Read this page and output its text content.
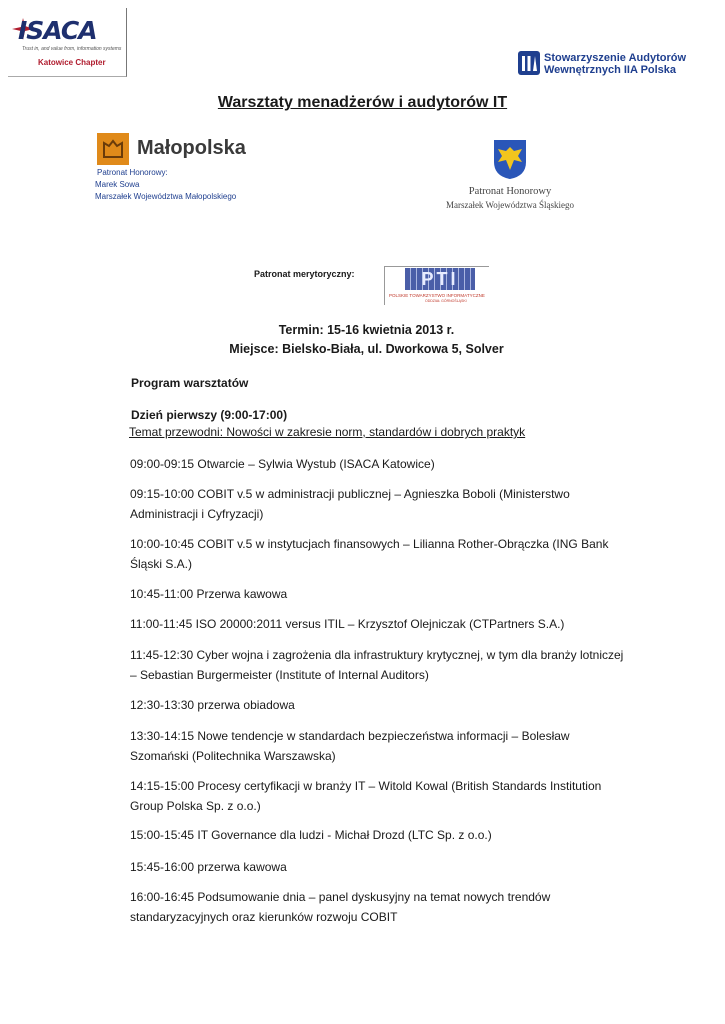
ISACA
Trust in, and value from, information systems
Katowice Chapter	Stowarzyszenie Audytorów
Wewnętrznych IIA Polska
Warsztaty menadżerów i audytorów IT
Małopolska
Patronat Honorowy:
Marek Sowa
Marszałek Województwa Małopolskiego	Patronat Honorowy
Marszałek Województwa Śląskiego
Patronat merytoryczny:	PTI
POLSKIE TOWARZYSTWO INFORMATYCZNE
ODDZIAŁ GÓRNOŚLĄSKI
Termin: 15-16 kwietnia 2013 r.
Miejsce: Bielsko-Biała, ul. Dworkowa 5, Solver
Program warsztatów
Dzień pierwszy (9:00-17:00)
Temat przewodni: Nowości w zakresie norm, standardów i dobrych praktyk
09:00-09:15 Otwarcie – Sylwia Wystub (ISACA Katowice)
09:15-10:00 COBIT v.5 w administracji publicznej – Agnieszka Boboli (Ministerstwo
Administracji i Cyfryzacji)
10:00-10:45 COBIT v.5 w instytucjach finansowych – Lilianna Rother-Obrączka (ING Bank
Śląski S.A.)
10:45-11:00 Przerwa kawowa
11:00-11:45 ISO 20000:2011 versus ITIL – Krzysztof Olejniczak (CTPartners S.A.)
11:45-12:30 Cyber wojna i zagrożenia dla infrastruktury krytycznej, w tym dla branży lotniczej
– Sebastian Burgermeister (Institute of Internal Auditors)
12:30-13:30 przerwa obiadowa
13:30-14:15 Nowe tendencje w standardach bezpieczeństwa informacji – Bolesław
Szomański (Politechnika Warszawska)
14:15-15:00 Procesy certyfikacji w branży IT – Witold Kowal (British Standards Institution
Group Polska Sp. z o.o.)
15:00-15:45 IT Governance dla ludzi - Michał Drozd (LTC Sp. z o.o.)
15:45-16:00 przerwa kawowa
16:00-16:45 Podsumowanie dnia – panel dyskusyjny na temat nowych trendów
standaryzacyjnych oraz kierunków rozwoju COBIT
